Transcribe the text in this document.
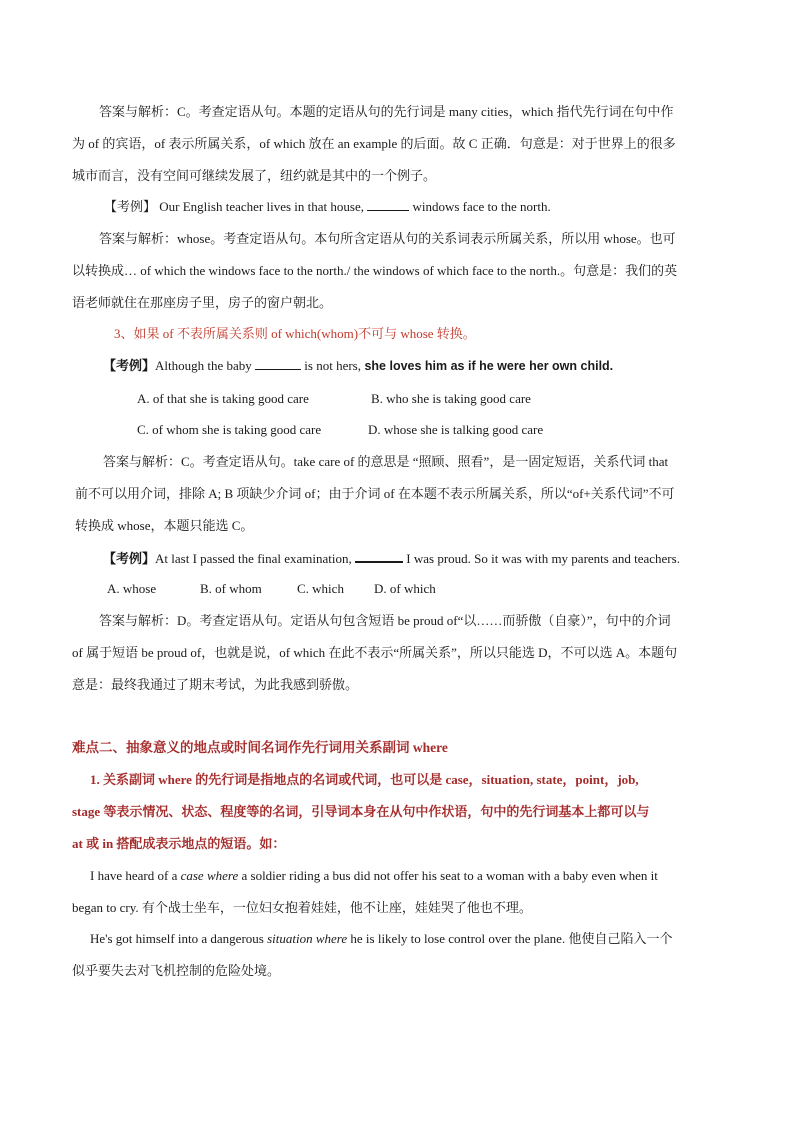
答案与解析：C。考查定语从句。本题的定语从句的先行词是 many cities，which 指代先行词在句中作
为 of 的宾语，of 表示所属关系，of which 放在 an example 的后面。故 C 正确．句意是：对于世界上的很多
城市而言，没有空间可继续发展了，纽约就是其中的一个例子。
【考例】 Our English teacher lives in that house,	windows face to the north.
答案与解析：whose。考查定语从句。本句所含定语从句的关系词表示所属关系，所以用 whose。也可
以转换成… of which the windows face to the north./ the windows of which face to the north.。句意是：我们的英
语老师就住在那座房子里，房子的窗户朝北。
3、如果 of 不表所属关系则 of which(whom)不可与 whose 转换。
【考例】Although the baby	is not hers, she loves him as if he were her own child.
A. of that she is taking good care	B. who she is taking good care
C. of whom she is taking good care	D. whose she is talking good care
答案与解析：C。考查定语从句。take care of 的意思是 “照顾、照看”，是一固定短语，关系代词 that
前不可以用介词，排除 A; B 项缺少介词 of；由于介词 of 在本题不表示所属关系，所以“of+关系代词”不可
转换成 whose，本题只能选 C。
【考例】At last I passed the final examination,	I was proud. So it was with my parents and teachers.
A. whose	B. of whom	C. which D. of which
答案与解析：D。考查定语从句。定语从句包含短语 be proud of“以……而骄傲（自豪）”，句中的介词
of 属于短语 be proud of，也就是说，of which 在此不表示“所属关系”，所以只能选 D，不可以选 A。本题句
意是：最终我通过了期末考试，为此我感到骄傲。
难点二、抽象意义的地点或时间名词作先行词用关系副词 where
1. 关系副词 where 的先行词是指地点的名词或代词，也可以是 case，situation, state，point，job,
stage 等表示情况、状态、程度等的名词，引导词本身在从句中作状语，句中的先行词基本上都可以与
at 或 in 搭配成表示地点的短语。如：
I have heard of a case where a soldier riding a bus did not offer his seat to a woman with a baby even when it
began to cry. 有个战士坐车，一位妇女抱着娃娃，他不让座，娃娃哭了他也不理。
He's got himself into a dangerous situation where he is likely to lose control over the plane. 他使自己陷入一个
似乎要失去对飞机控制的危险处境。
